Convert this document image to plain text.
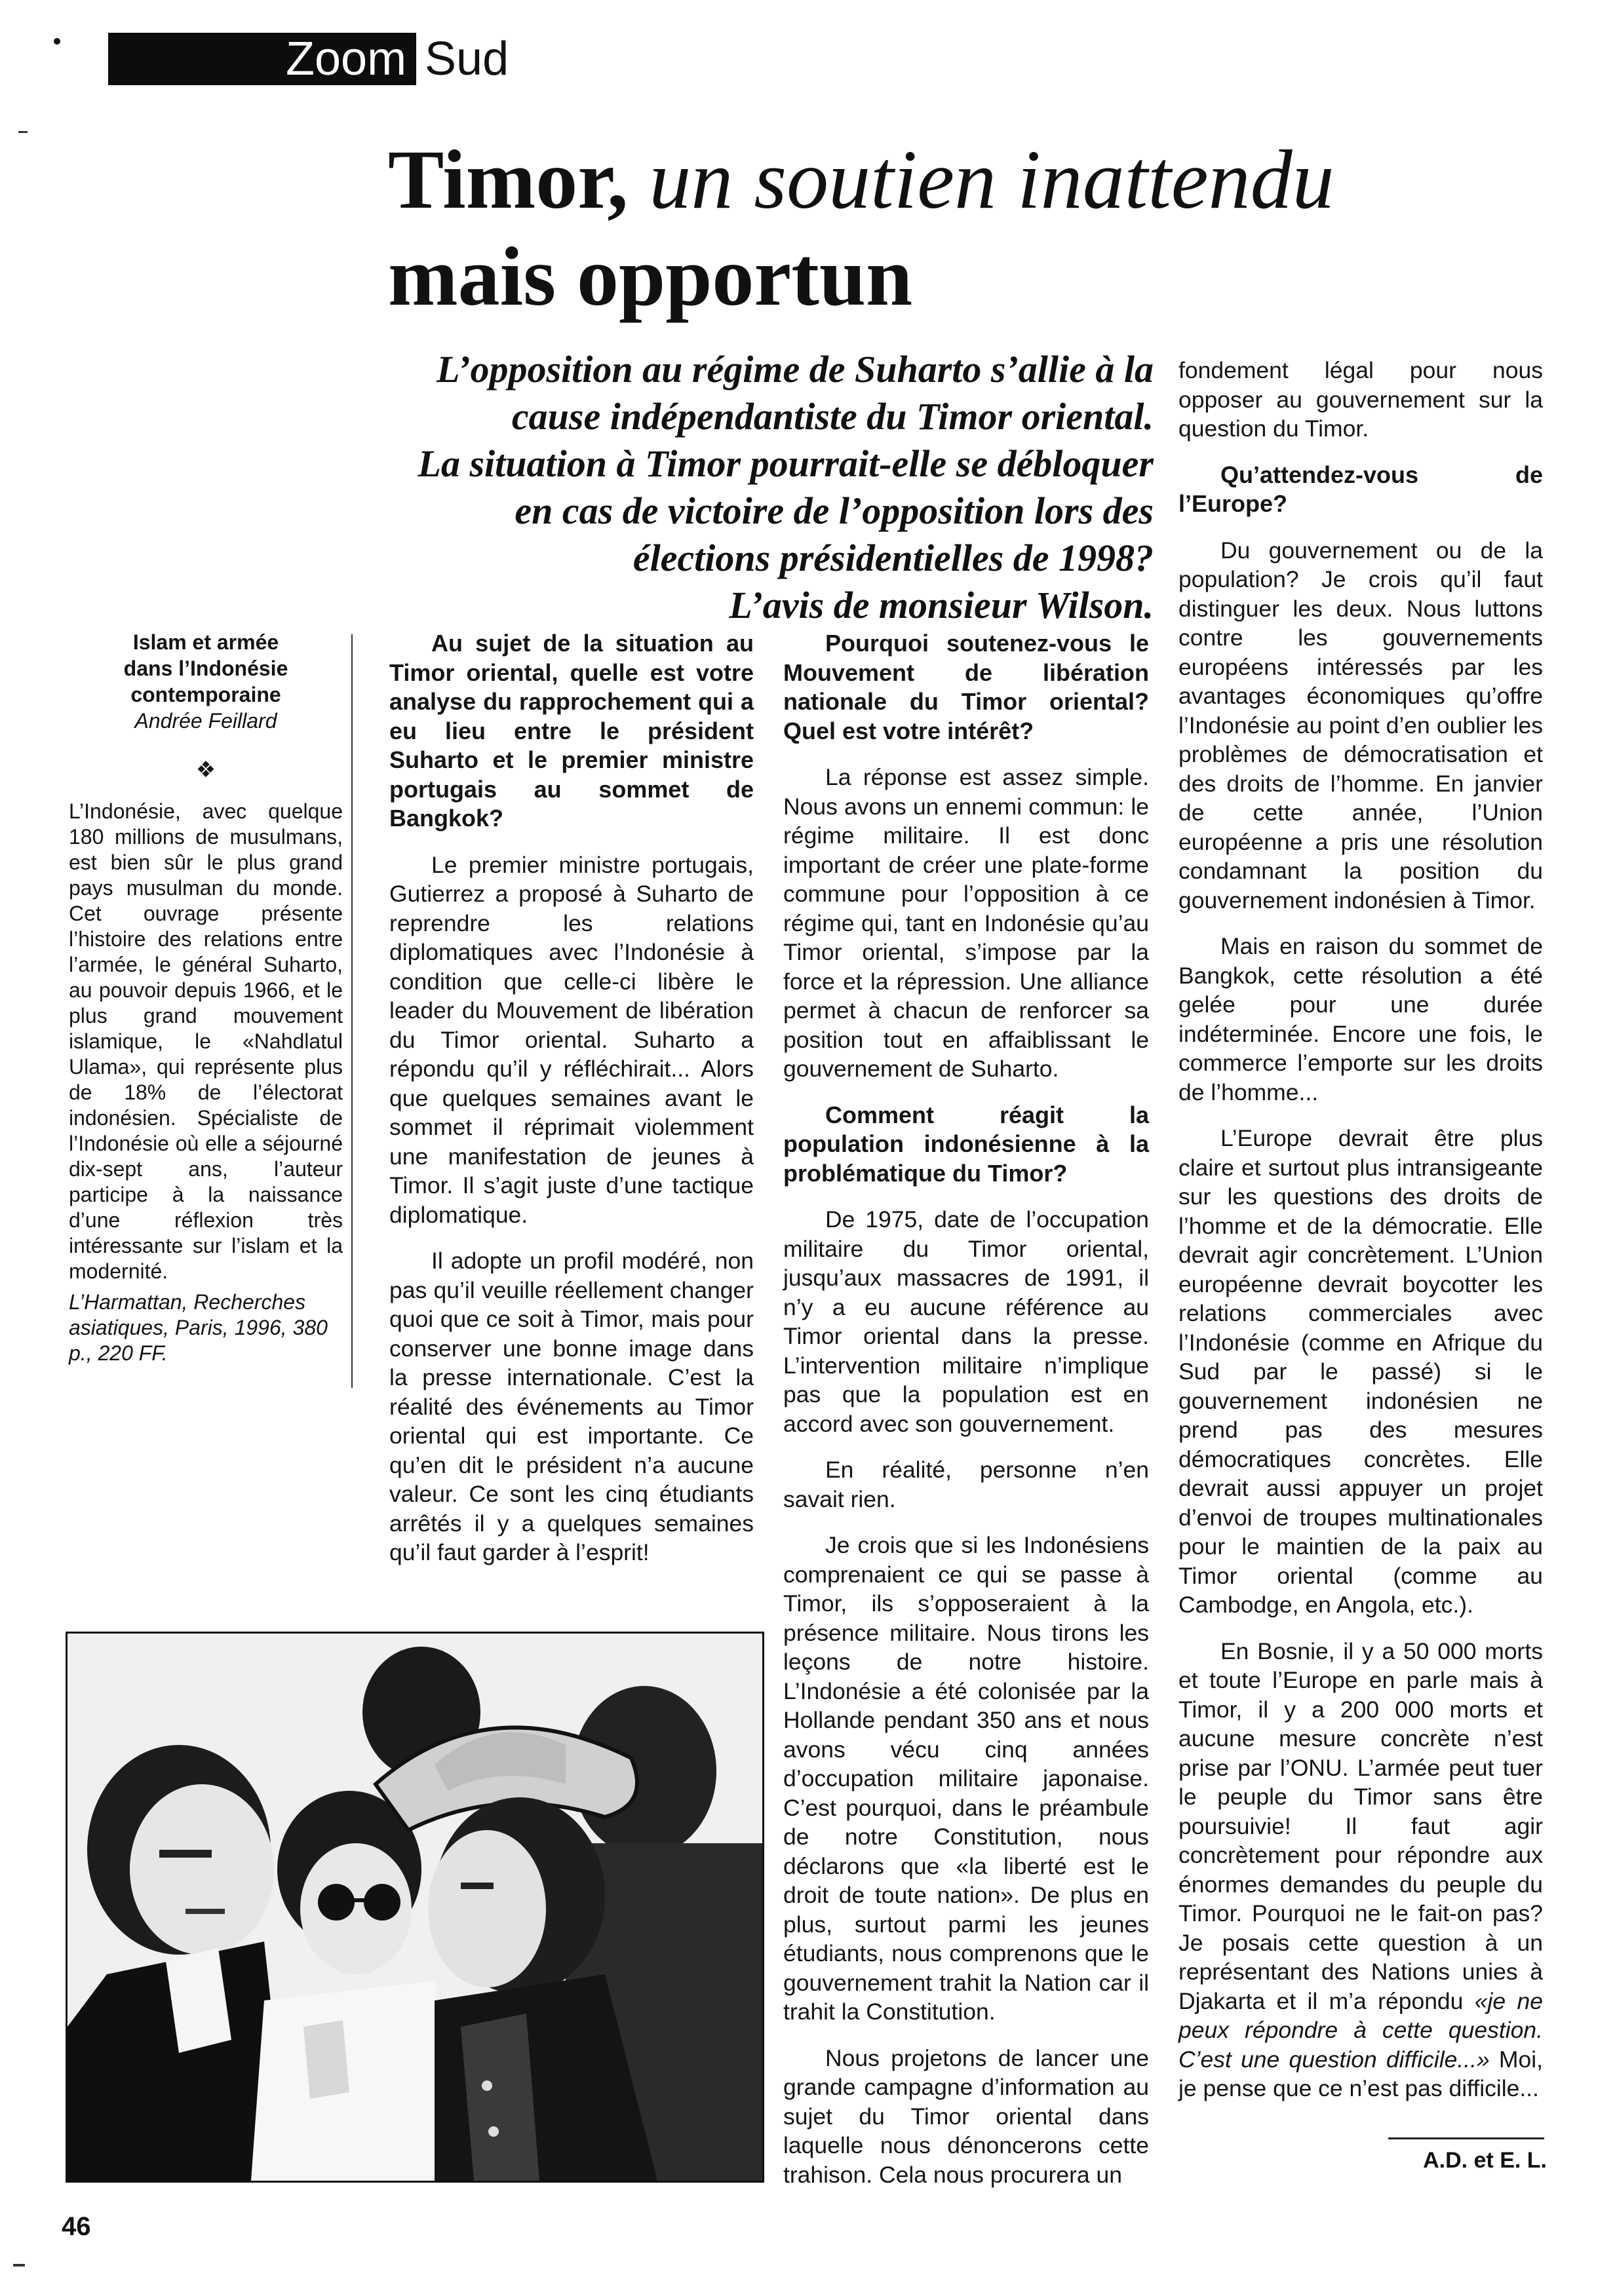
Zoom Sud
Timor, un soutien inattendu
mais opportun
L’opposition au régime de Suharto s’allie à la
cause indépendantiste du Timor oriental.
La situation à Timor pourrait-elle se débloquer
en cas de victoire de l’opposition lors des
élections présidentielles de 1998?
L’avis de monsieur Wilson.
Islam et armée
dans l’Indonésie
contemporaine
Andrée Feillard
❖

L’Indonésie, avec quelque 180 millions de musulmans, est bien sûr le plus grand pays musulman du monde. Cet ouvrage présente l’histoire des relations entre l’armée, le général Suharto, au pouvoir depuis 1966, et le plus grand mouvement islamique, le «Nahdlatul Ulama», qui représente plus de 18% de l’électorat indonésien. Spécialiste de l’Indonésie où elle a séjourné dix-sept ans, l’auteur participe à la naissance d’une réflexion très intéressante sur l’islam et la modernité.

L’Harmattan, Recherches asiatiques, Paris, 1996, 380 p., 220 FF.

Au sujet de la situation au Timor oriental, quelle est votre analyse du rapprochement qui a eu lieu entre le président Suharto et le premier ministre portugais au sommet de Bangkok?

Le premier ministre portugais, Gutierrez a proposé à Suharto de reprendre les relations diplomatiques avec l’Indonésie à condition que celle-ci libère le leader du Mouvement de libération du Timor oriental. Suharto a répondu qu’il y réfléchirait... Alors que quelques semaines avant le sommet il réprimait violemment une manifestation de jeunes à Timor. Il s’agit juste d’une tactique diplomatique.

Il adopte un profil modéré, non pas qu’il veuille réellement changer quoi que ce soit à Timor, mais pour conserver une bonne image dans la presse internationale. C’est la réalité des événements au Timor oriental qui est importante. Ce qu’en dit le président n’a aucune valeur. Ce sont les cinq étudiants arrêtés il y a quelques semaines qu’il faut garder à l’esprit!

Pourquoi soutenez-vous le Mouvement de libération nationale du Timor oriental? Quel est votre intérêt?

La réponse est assez simple. Nous avons un ennemi commun: le régime militaire. Il est donc important de créer une plate-forme commune pour l’opposition à ce régime qui, tant en Indonésie qu’au Timor oriental, s’impose par la force et la répression. Une alliance permet à chacun de renforcer sa position tout en affaiblissant le gouvernement de Suharto.

Comment réagit la population indonésienne à la problématique du Timor?

De 1975, date de l’occupation militaire du Timor oriental, jusqu’aux massacres de 1991, il n’y a eu aucune référence au Timor oriental dans la presse. L’intervention militaire n’implique pas que la population est en accord avec son gouvernement.

En réalité, personne n’en savait rien.

Je crois que si les Indonésiens comprenaient ce qui se passe à Timor, ils s’opposeraient à la présence militaire. Nous tirons les leçons de notre histoire. L’Indonésie a été colonisée par la Hollande pendant 350 ans et nous avons vécu cinq années d’occupation militaire japonaise. C’est pourquoi, dans le préambule de notre Constitution, nous déclarons que «la liberté est le droit de toute nation». De plus en plus, surtout parmi les jeunes étudiants, nous comprenons que le gouvernement trahit la Nation car il trahit la Constitution.

Nous projetons de lancer une grande campagne d’information au sujet du Timor oriental dans laquelle nous dénoncerons cette trahison. Cela nous procurera un

fondement légal pour nous opposer au gouvernement sur la question du Timor.

Qu’attendez-vous de l’Europe?

Du gouvernement ou de la population? Je crois qu’il faut distinguer les deux. Nous luttons contre les gouvernements européens intéressés par les avantages économiques qu’offre l’Indonésie au point d’en oublier les problèmes de démocratisation et des droits de l’homme. En janvier de cette année, l’Union européenne a pris une résolution condamnant la position du gouvernement indonésien à Timor.

Mais en raison du sommet de Bangkok, cette résolution a été gelée pour une durée indéterminée. Encore une fois, le commerce l’emporte sur les droits de l’homme...

L’Europe devrait être plus claire et surtout plus intransigeante sur les questions des droits de l’homme et de la démocratie. Elle devrait agir concrètement. L’Union européenne devrait boycotter les relations commerciales avec l’Indonésie (comme en Afrique du Sud par le passé) si le gouvernement indonésien ne prend pas des mesures démocratiques concrètes. Elle devrait aussi appuyer un projet d’envoi de troupes multinationales pour le maintien de la paix au Timor oriental (comme au Cambodge, en Angola, etc.).

En Bosnie, il y a 50 000 morts et toute l’Europe en parle mais à Timor, il y a 200 000 morts et aucune mesure concrète n’est prise par l’ONU. L’armée peut tuer le peuple du Timor sans être poursuivie! Il faut agir concrètement pour répondre aux énormes demandes du peuple du Timor. Pourquoi ne le fait-on pas? Je posais cette question à un représentant des Nations unies à Djakarta et il m’a répondu «je ne peux répondre à cette question. C’est une question difficile...» Moi, je pense que ce n’est pas difficile...

A.D. et E. L.
46
